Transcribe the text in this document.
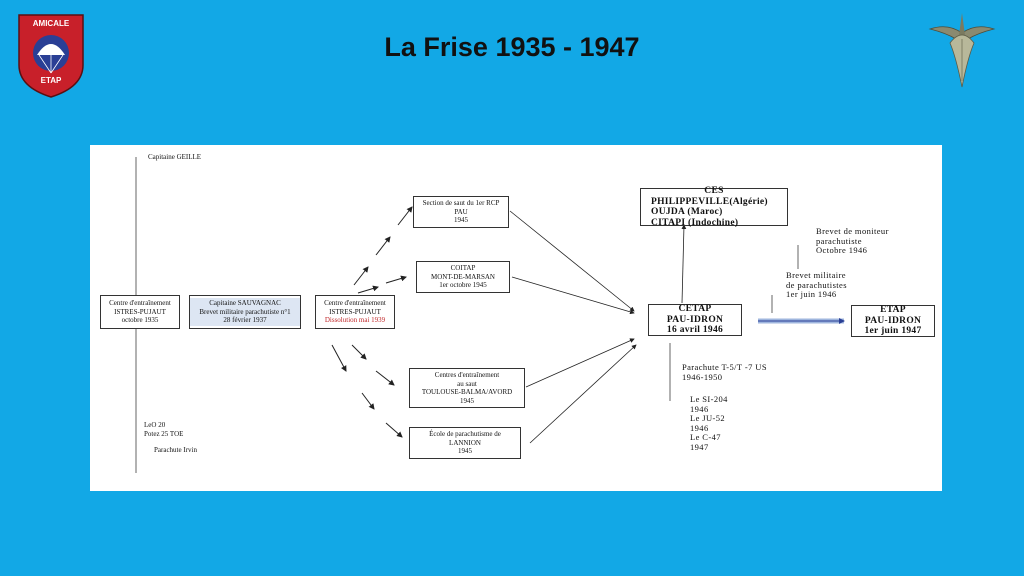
La Frise 1935 - 1947
AMICALE
ETAP
Capitaine GEILLE
Centre d'entraînement
ISTRES-PUJAUT
octobre 1935
Capitaine SAUVAGNAC
Brevet militaire parachutiste n°1
28 février 1937
Centre d'entraînement
ISTRES-PUJAUT
Dissolution mai 1939
Section de saut du 1er RCP
PAU
1945
COITAP
MONT-DE-MARSAN
1er octobre 1945
Centres d'entraînement
au saut
TOULOUSE-BALMA/AVORD
1945
École de parachutisme de
LANNION
1945
CES
PHILIPPEVILLE(Algérie)
OUJDA (Maroc)
CITAPI (Indochine)
CETAP
PAU-IDRON
16 avril 1946
ETAP
PAU-IDRON
1er juin 1947
Brevet de moniteur
parachutiste
Octobre 1946
Brevet militaire
de parachutistes
1er juin 1946
Parachute T-5/T -7 US
1946-1950
Le SI-204
1946
Le JU-52
1946
Le C-47
1947
LeO 20
Potez 25 TOE
Parachute Irvin
